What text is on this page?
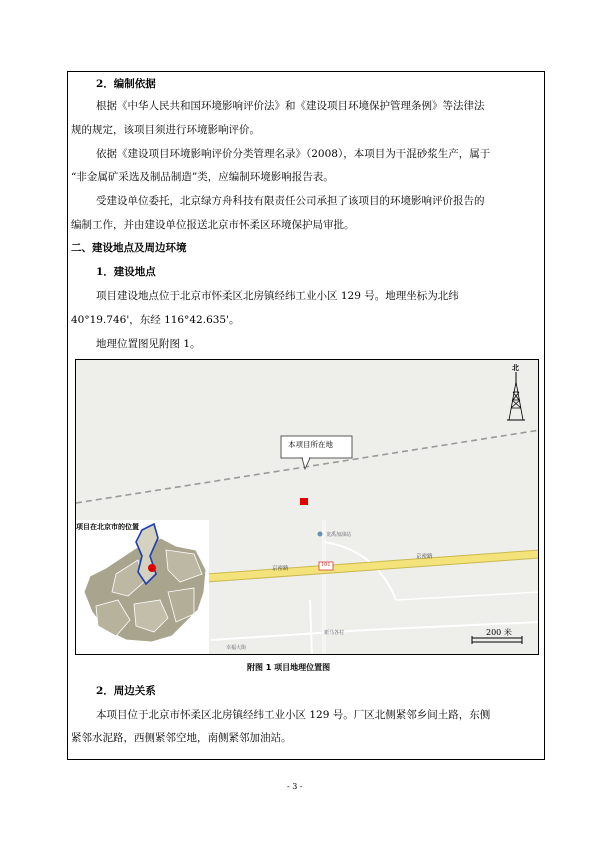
2．编制依据
根据《中华人民共和国环境影响评价法》和《建设项目环境保护管理条例》等法律法
规的规定，该项目须进行环境影响评价。
依据《建设项目环境影响评价分类管理名录》（2008），本项目为干混砂浆生产，属于
“非金属矿采选及制品制造”类，应编制环境影响报告表。
受建设单位委托，北京绿方舟科技有限责任公司承担了该项目的环境影响评价报告的
编制工作，并由建设单位报送北京市怀柔区环境保护局审批。
二、建设地点及周边环境
1．建设地点
项目建设地点位于北京市怀柔区北房镇经纬工业小区 129 号。地理坐标为北纬
40°19.746'，东经 116°42.635'。
地理位置图见附图 1。
本项目所在地
项目在北京市的位置
200 米
北
京密路
京密路
101
龙禹加油站
新马各村
幸福大街
附图 1 项目地理位置图
2．周边关系
本项目位于北京市怀柔区北房镇经纬工业小区 129 号。厂区北侧紧邻乡间土路，东侧
紧邻水泥路，西侧紧邻空地，南侧紧邻加油站。
- 3 -
